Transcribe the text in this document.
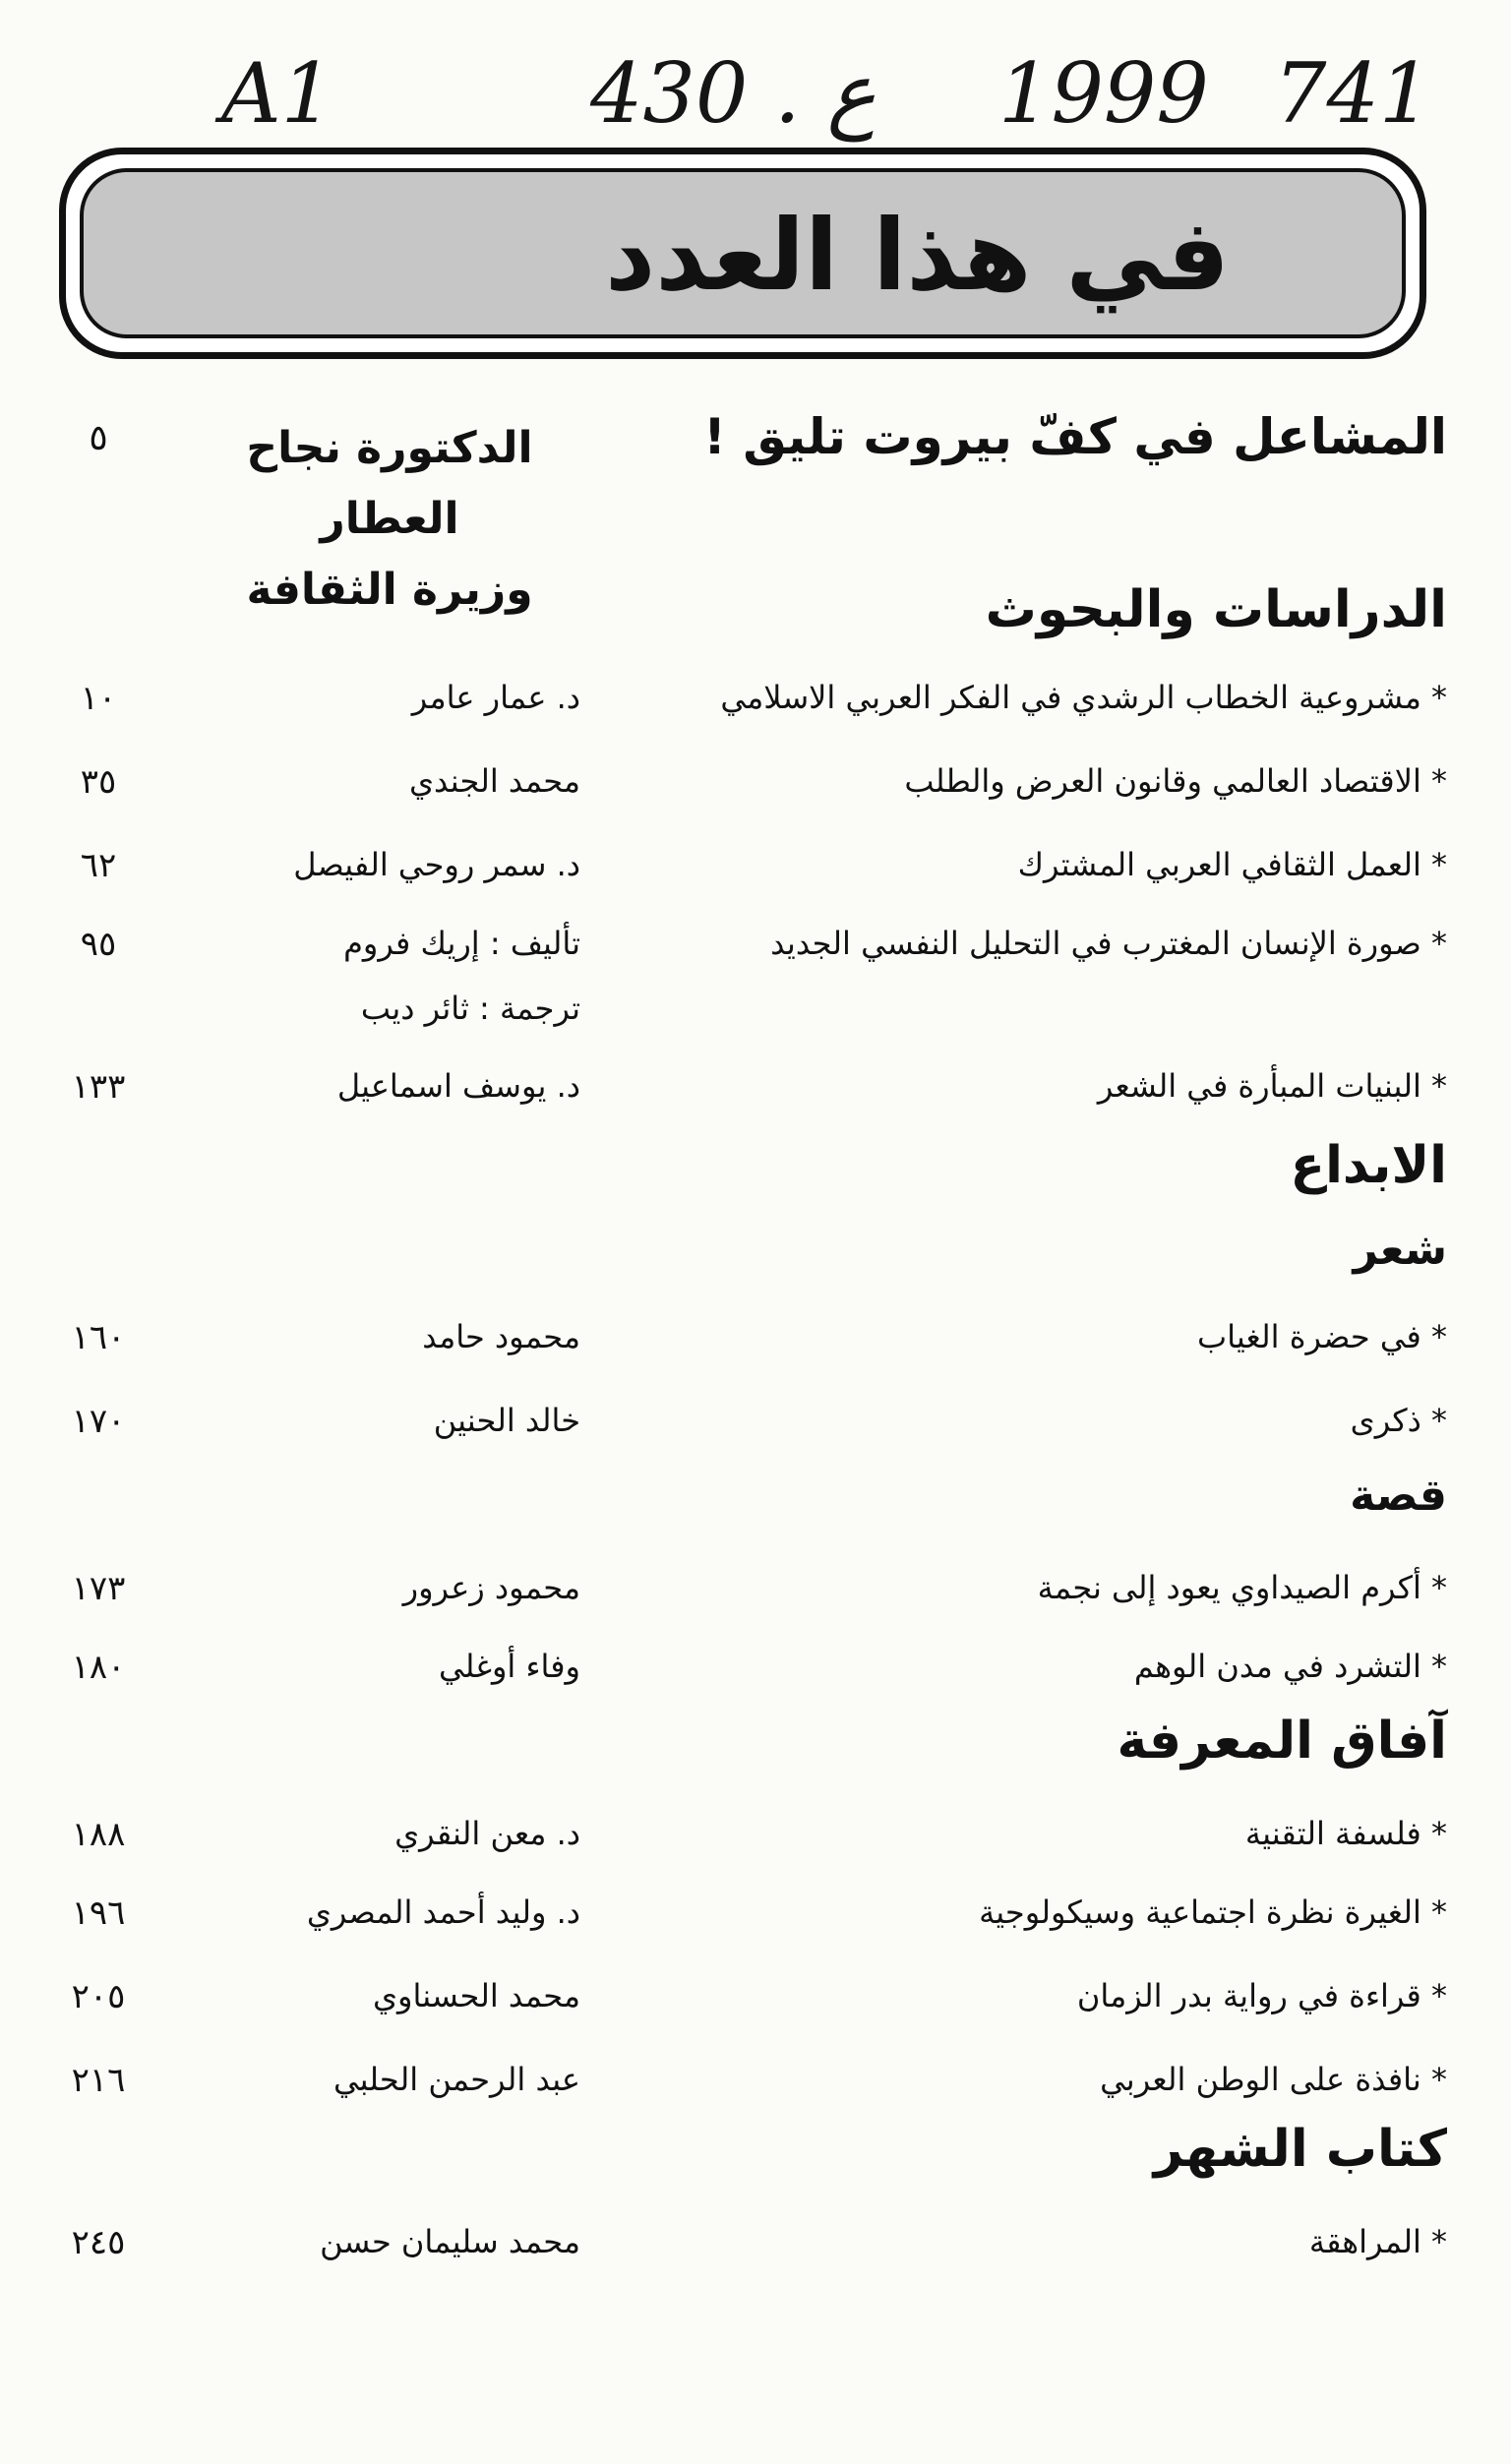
A1	430 . ع 1999 741
في هذا العدد
المشاعل في كفّ بيروت تليق !
الدكتورة نجاح العطار
وزيرة الثقافة
٥
الدراسات والبحوث
الابداع
شعر
قصة
آفاق المعرفة
كتاب الشهر
* مشروعية الخطاب الرشدي في الفكر العربي الاسلامي
د. عمار عامر
١٠
* الاقتصاد العالمي وقانون العرض والطلب
محمد الجندي
٣٥
* العمل الثقافي العربي المشترك
د. سمر روحي الفيصل
٦٢
* صورة الإنسان المغترب في التحليل النفسي الجديد
تأليف : إريك فروم
ترجمة : ثائر ديب
٩٥
* البنيات المبأرة في الشعر
د. يوسف اسماعيل
١٣٣
* في حضرة الغياب
محمود حامد
١٦٠
* ذكرى
خالد الحنين
١٧٠
* أكرم الصيداوي يعود إلى نجمة
محمود زعرور
١٧٣
* التشرد في مدن الوهم
وفاء أوغلي
١٨٠
* فلسفة التقنية
د. معن النقري
١٨٨
* الغيرة نظرة اجتماعية وسيكولوجية
د. وليد أحمد المصري
١٩٦
* قراءة في رواية بدر الزمان
محمد الحسناوي
٢٠٥
* نافذة على الوطن العربي
عبد الرحمن الحلبي
٢١٦
* المراهقة
محمد سليمان حسن
٢٤٥
